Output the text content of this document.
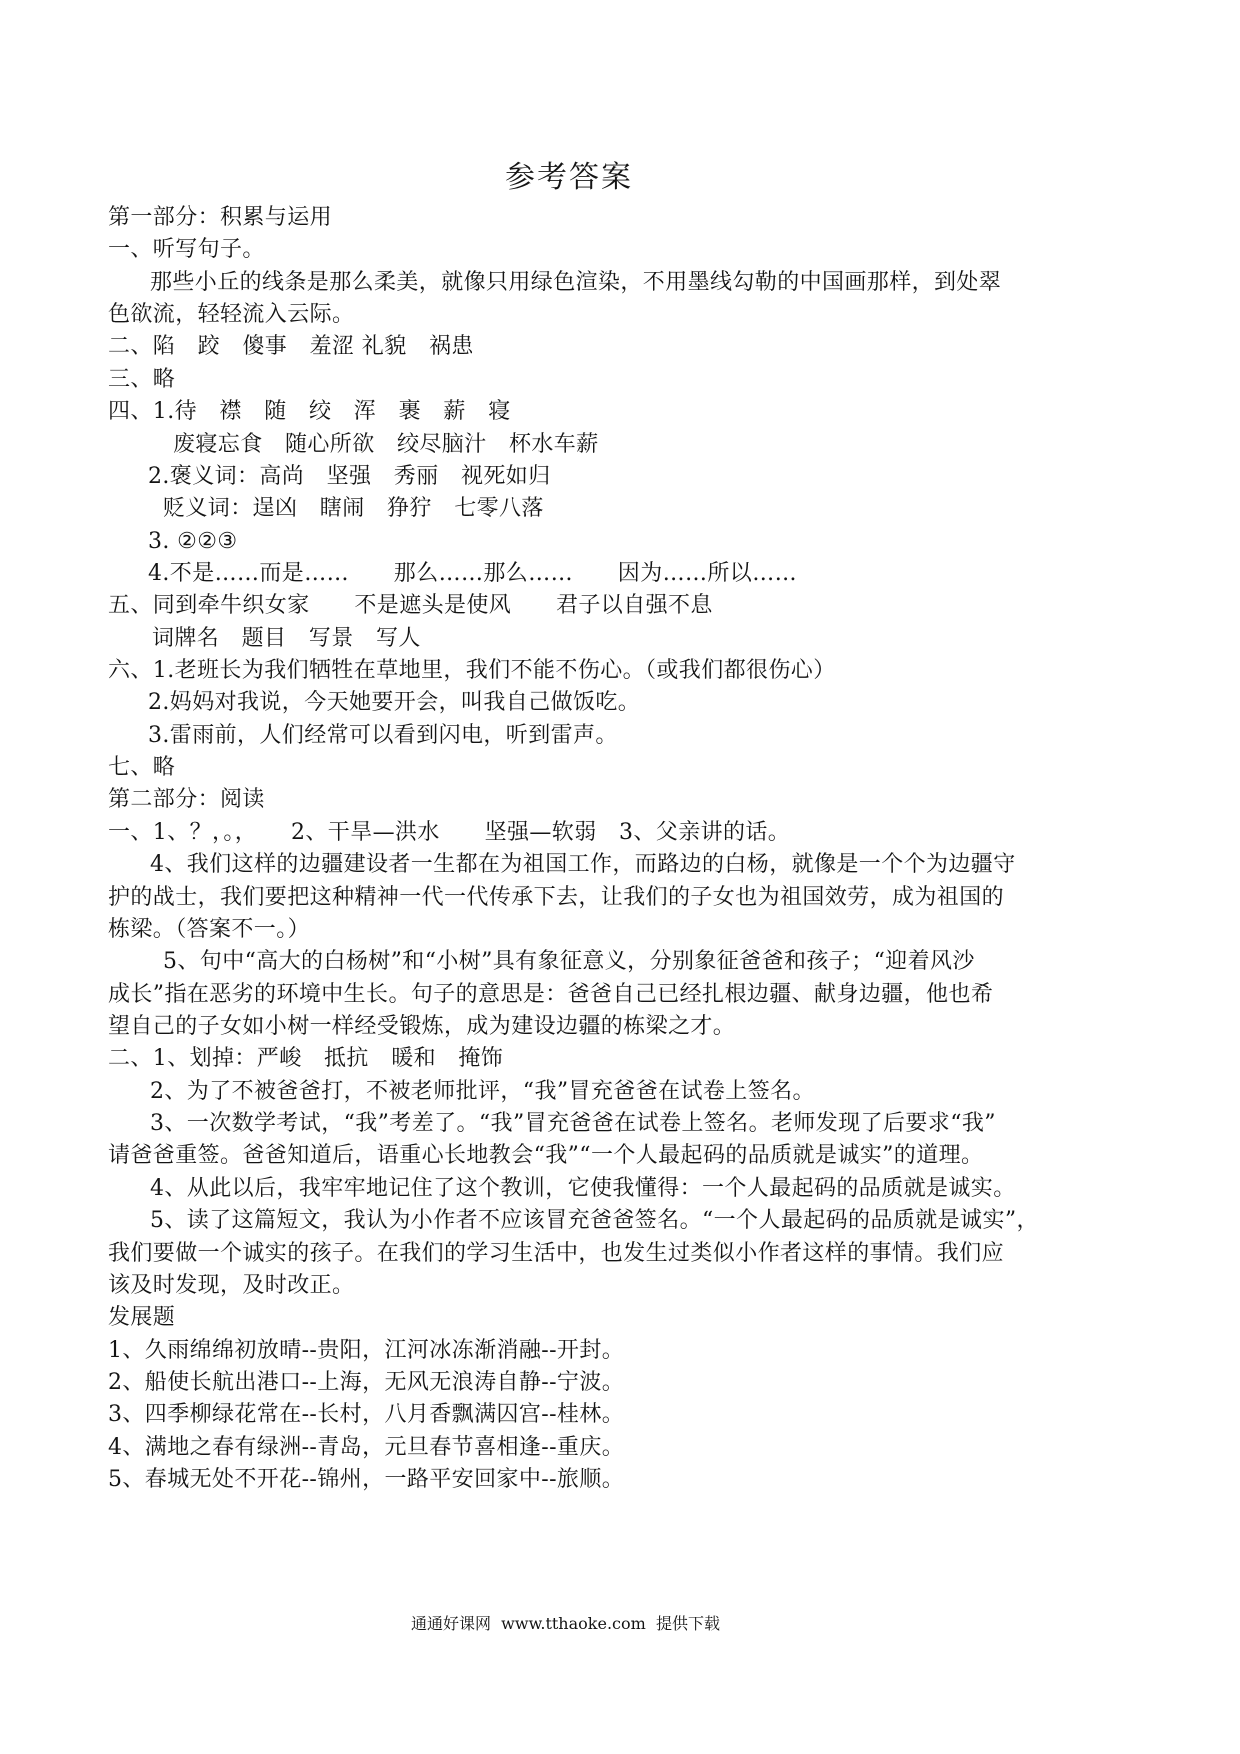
参考答案
第一部分：积累与运用
一、听写句子。
那些小丘的线条是那么柔美，就像只用绿色渲染，不用墨线勾勒的中国画那样，到处翠
色欲流，轻轻流入云际。
二、陷　跤　傻事　羞涩 礼貌　祸患
三、略
四、1.待　襟　随　绞　浑　裹　薪　寝
废寝忘食　随心所欲　绞尽脑汁　杯水车薪
2.褒义词：高尚　坚强　秀丽　视死如归
贬义词：逞凶　瞎闹　狰狞　七零八落
3. ②②③
4.不是……而是……　　那么……那么……　　因为……所以……
五、同到牵牛织女家　　不是遮头是使风　　君子以自强不息
词牌名　题目　写景　写人
六、1.老班长为我们牺牲在草地里，我们不能不伤心。（或我们都很伤心）
2.妈妈对我说，今天她要开会，叫我自己做饭吃。
3.雷雨前，人们经常可以看到闪电，听到雷声。
七、略
第二部分：阅读
一、1、？，。，　　2、干旱—洪水　　坚强—软弱　3、父亲讲的话。
4、我们这样的边疆建设者一生都在为祖国工作，而路边的白杨，就像是一个个为边疆守
护的战士，我们要把这种精神一代一代传承下去，让我们的子女也为祖国效劳，成为祖国的
栋梁。（答案不一。）
5、句中“高大的白杨树”和“小树”具有象征意义，分别象征爸爸和孩子；“迎着风沙
成长”指在恶劣的环境中生长。句子的意思是：爸爸自己已经扎根边疆、献身边疆，他也希
望自己的子女如小树一样经受锻炼，成为建设边疆的栋梁之才。
二、1、划掉：严峻　抵抗　暖和　掩饰
2、为了不被爸爸打，不被老师批评，“我”冒充爸爸在试卷上签名。
3、一次数学考试，“我”考差了。“我”冒充爸爸在试卷上签名。老师发现了后要求“我”
请爸爸重签。爸爸知道后，语重心长地教会“我”“一个人最起码的品质就是诚实”的道理。
4、从此以后，我牢牢地记住了这个教训，它使我懂得：一个人最起码的品质就是诚实。
5、读了这篇短文，我认为小作者不应该冒充爸爸签名。“一个人最起码的品质就是诚实”，
我们要做一个诚实的孩子。在我们的学习生活中，也发生过类似小作者这样的事情。我们应
该及时发现，及时改正。
发展题
1、久雨绵绵初放晴--贵阳，江河冰冻渐消融--开封。
2、船使长航出港口--上海，无风无浪涛自静--宁波。
3、四季柳绿花常在--长村，八月香飘满囚宫--桂林。
4、满地之春有绿洲--青岛，元旦春节喜相逢--重庆。
5、春城无处不开花--锦州，一路平安回家中--旅顺。
通通好课网  www.tthaoke.com  提供下载
